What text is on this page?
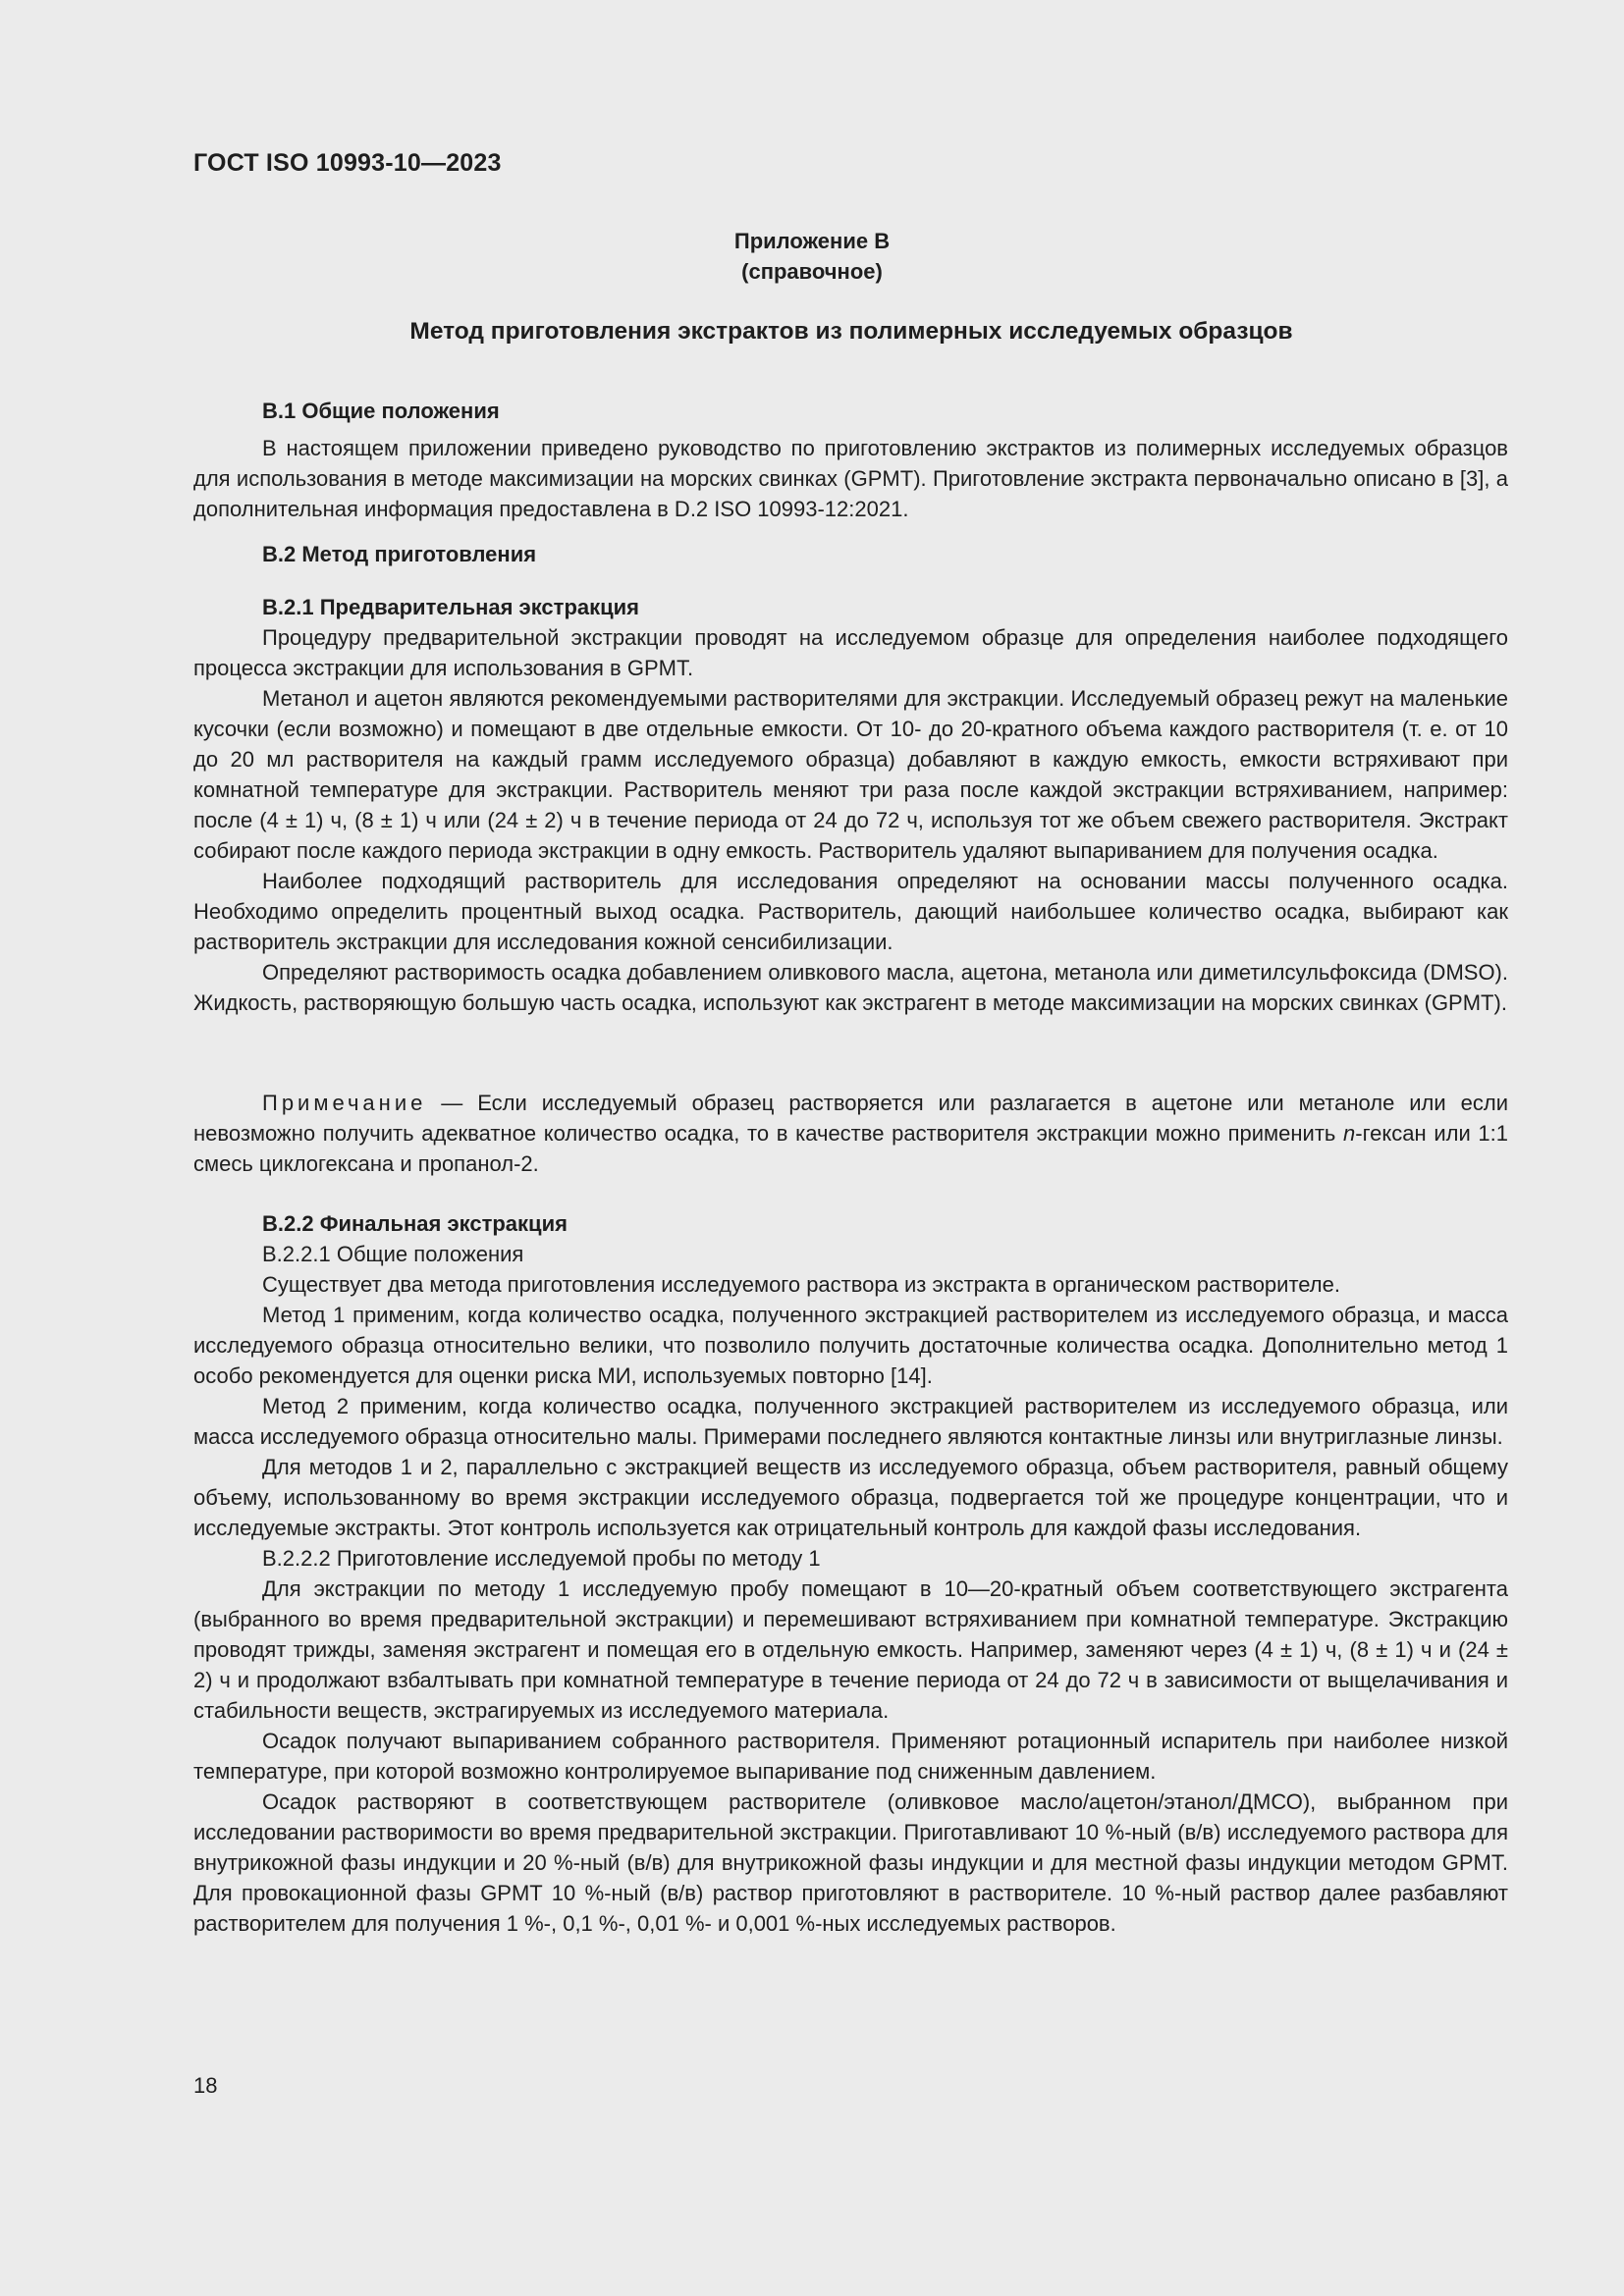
ГОСТ ISO 10993-10—2023
Приложение В
(справочное)
Метод приготовления экстрактов из полимерных исследуемых образцов
В.1 Общие положения

В настоящем приложении приведено руководство по приготовлению экстрактов из полимерных исследуемых образцов для использования в методе максимизации на морских свинках (GPMT). Приготовление экстракта первоначально описано в [3], а дополнительная информация предоставлена в D.2 ISO 10993-12:2021.

В.2 Метод приготовления
В.2.1 Предварительная экстракция

Процедуру предварительной экстракции проводят на исследуемом образце для определения наиболее подходящего процесса экстракции для использования в GPMT.

Метанол и ацетон являются рекомендуемыми растворителями для экстракции. Исследуемый образец режут на маленькие кусочки (если возможно) и помещают в две отдельные емкости. От 10- до 20-кратного объема каждого растворителя (т. е. от 10 до 20 мл растворителя на каждый грамм исследуемого образца) добавляют в каждую емкость, емкости встряхивают при комнатной температуре для экстракции. Растворитель меняют три раза после каждой экстракции встряхиванием, например: после (4 ± 1) ч, (8 ± 1) ч или (24 ± 2) ч в течение периода от 24 до 72 ч, используя тот же объем свежего растворителя. Экстракт собирают после каждого периода экстракции в одну емкость. Растворитель удаляют выпариванием для получения осадка.

Наиболее подходящий растворитель для исследования определяют на основании массы полученного осадка. Необходимо определить процентный выход осадка. Растворитель, дающий наибольшее количество осадка, выбирают как растворитель экстракции для исследования кожной сенсибилизации.

Определяют растворимость осадка добавлением оливкового масла, ацетона, метанола или диметилсульфоксида (DMSO). Жидкость, растворяющую большую часть осадка, используют как экстрагент в методе максимизации на морских свинках (GPMT).

Примечание — Если исследуемый образец растворяется или разлагается в ацетоне или метаноле или если невозможно получить адекватное количество осадка, то в качестве растворителя экстракции можно применить n-гексан или 1:1 смесь циклогексана и пропанол-2.

В.2.2 Финальная экстракция

В.2.2.1 Общие положения

Существует два метода приготовления исследуемого раствора из экстракта в органическом растворителе.

Метод 1 применим, когда количество осадка, полученного экстракцией растворителем из исследуемого образца, и масса исследуемого образца относительно велики, что позволило получить достаточные количества осадка. Дополнительно метод 1 особо рекомендуется для оценки риска МИ, используемых повторно [14].

Метод 2 применим, когда количество осадка, полученного экстракцией растворителем из исследуемого образца, или масса исследуемого образца относительно малы. Примерами последнего являются контактные линзы или внутриглазные линзы.

Для методов 1 и 2, параллельно с экстракцией веществ из исследуемого образца, объем растворителя, равный общему объему, использованному во время экстракции исследуемого образца, подвергается той же процедуре концентрации, что и исследуемые экстракты. Этот контроль используется как отрицательный контроль для каждой фазы исследования.

В.2.2.2 Приготовление исследуемой пробы по методу 1

Для экстракции по методу 1 исследуемую пробу помещают в 10—20-кратный объем соответствующего экстрагента (выбранного во время предварительной экстракции) и перемешивают встряхиванием при комнатной температуре. Экстракцию проводят трижды, заменяя экстрагент и помещая его в отдельную емкость. Например, заменяют через (4 ± 1) ч, (8 ± 1) ч и (24 ± 2) ч и продолжают взбалтывать при комнатной температуре в течение периода от 24 до 72 ч в зависимости от выщелачивания и стабильности веществ, экстрагируемых из исследуемого материала.

Осадок получают выпариванием собранного растворителя. Применяют ротационный испаритель при наиболее низкой температуре, при которой возможно контролируемое выпаривание под сниженным давлением.

Осадок растворяют в соответствующем растворителе (оливковое масло/ацетон/этанол/ДМСО), выбранном при исследовании растворимости во время предварительной экстракции. Приготавливают 10 %-ный (в/в) исследуемого раствора для внутрикожной фазы индукции и 20 %-ный (в/в) для внутрикожной фазы индукции и для местной фазы индукции методом GPMT. Для провокационной фазы GPMT 10 %-ный (в/в) раствор приготовляют в растворителе. 10 %-ный раствор далее разбавляют растворителем для получения 1 %-, 0,1 %-, 0,01 %- и 0,001 %-ных исследуемых растворов.

18
